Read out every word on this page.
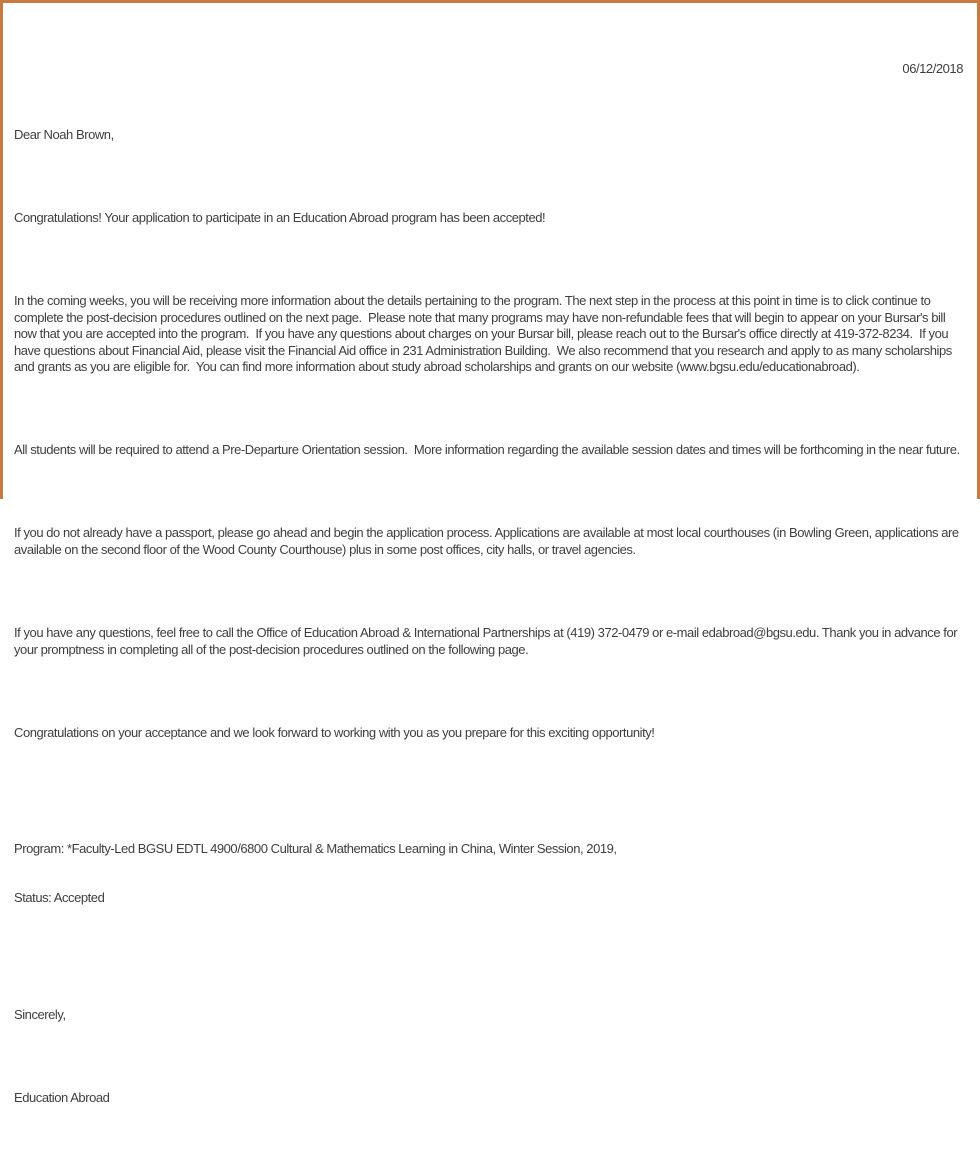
06/12/2018

Dear Noah Brown,

Congratulations! Your application to participate in an Education Abroad program has been accepted!

In the coming weeks, you will be receiving more information about the details pertaining to the program. The next step in the process at this point in time is to click continue to complete the post-decision procedures outlined on the next page.  Please note that many programs may have non-refundable fees that will begin to appear on your Bursar's bill now that you are accepted into the program.  If you have any questions about charges on your Bursar bill, please reach out to the Bursar's office directly at 419-372-8234.  If you have questions about Financial Aid, please visit the Financial Aid office in 231 Administration Building.  We also recommend that you research and apply to as many scholarships and grants as you are eligible for.  You can find more information about study abroad scholarships and grants on our website (www.bgsu.edu/educationabroad).

All students will be required to attend a Pre-Departure Orientation session.  More information regarding the available session dates and times will be forthcoming in the near future.

If you do not already have a passport, please go ahead and begin the application process. Applications are available at most local courthouses (in Bowling Green, applications are available on the second floor of the Wood County Courthouse) plus in some post offices, city halls, or travel agencies.

If you have any questions, feel free to call the Office of Education Abroad & International Partnerships at (419) 372-0479 or e-mail edabroad@bgsu.edu. Thank you in advance for your promptness in completing all of the post-decision procedures outlined on the following page.

Congratulations on your acceptance and we look forward to working with you as you prepare for this exciting opportunity!

Program: *Faculty-Led BGSU EDTL 4900/6800 Cultural & Mathematics Learning in China, Winter Session, 2019,

Status: Accepted

Sincerely,

Education Abroad
